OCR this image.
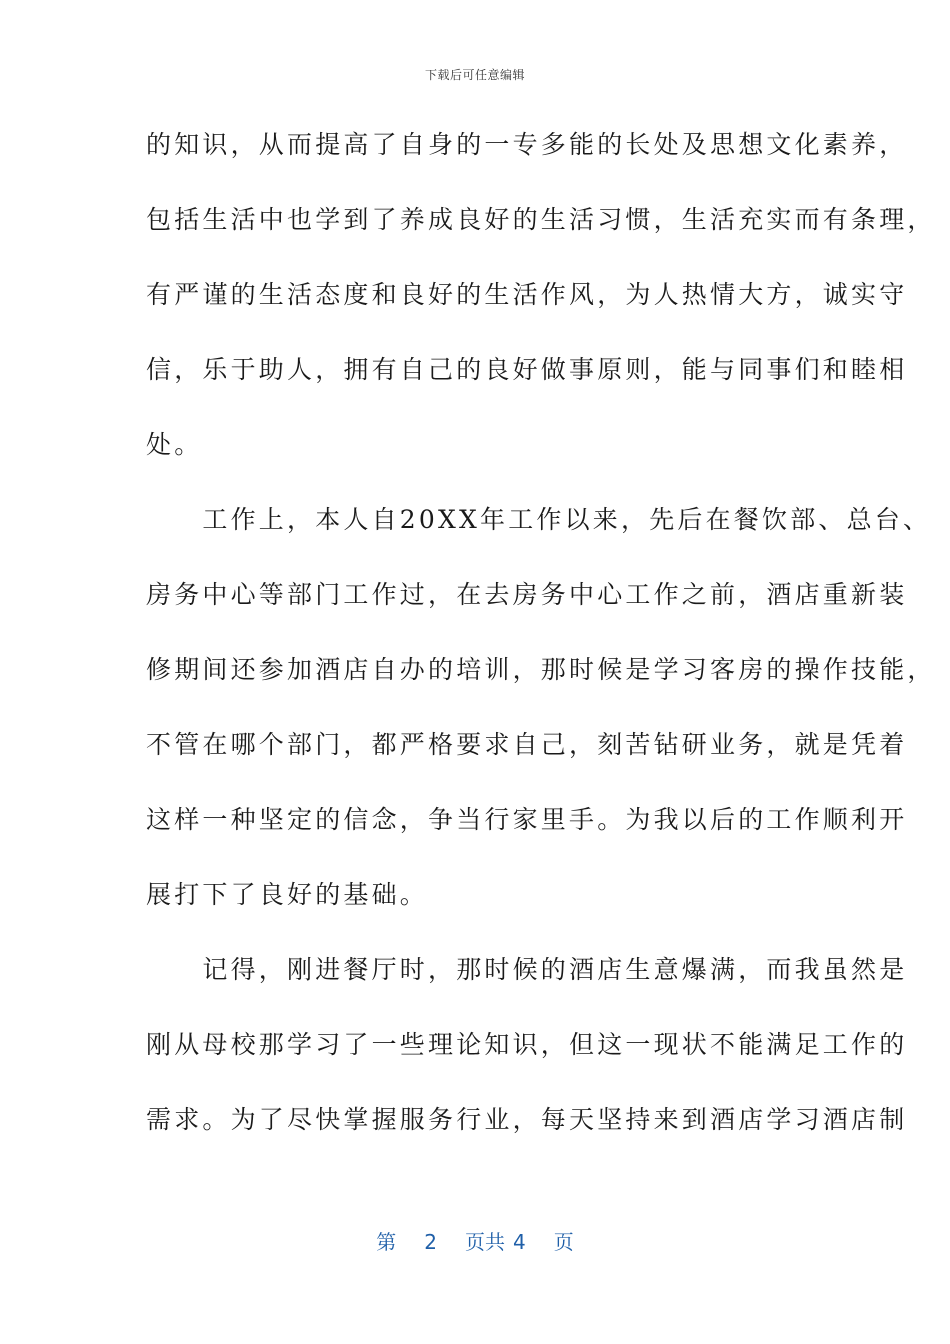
下载后可任意编辑
的知识，从而提高了自身的一专多能的长处及思想文化素养，
包括生活中也学到了养成良好的生活习惯，生活充实而有条理，
有严谨的生活态度和良好的生活作风，为人热情大方，诚实守
信，乐于助人，拥有自己的良好做事原则，能与同事们和睦相
处。
　　工作上，本人自20XX年工作以来，先后在餐饮部、总台、
房务中心等部门工作过，在去房务中心工作之前，酒店重新装
修期间还参加酒店自办的培训，那时候是学习客房的操作技能，
不管在哪个部门，都严格要求自己，刻苦钻研业务，就是凭着
这样一种坚定的信念，争当行家里手。为我以后的工作顺利开
展打下了良好的基础。
　　记得，刚进餐厅时，那时候的酒店生意爆满，而我虽然是
刚从母校那学习了一些理论知识，但这一现状不能满足工作的
需求。为了尽快掌握服务行业，每天坚持来到酒店学习酒店制
第 2 页共 4 页
